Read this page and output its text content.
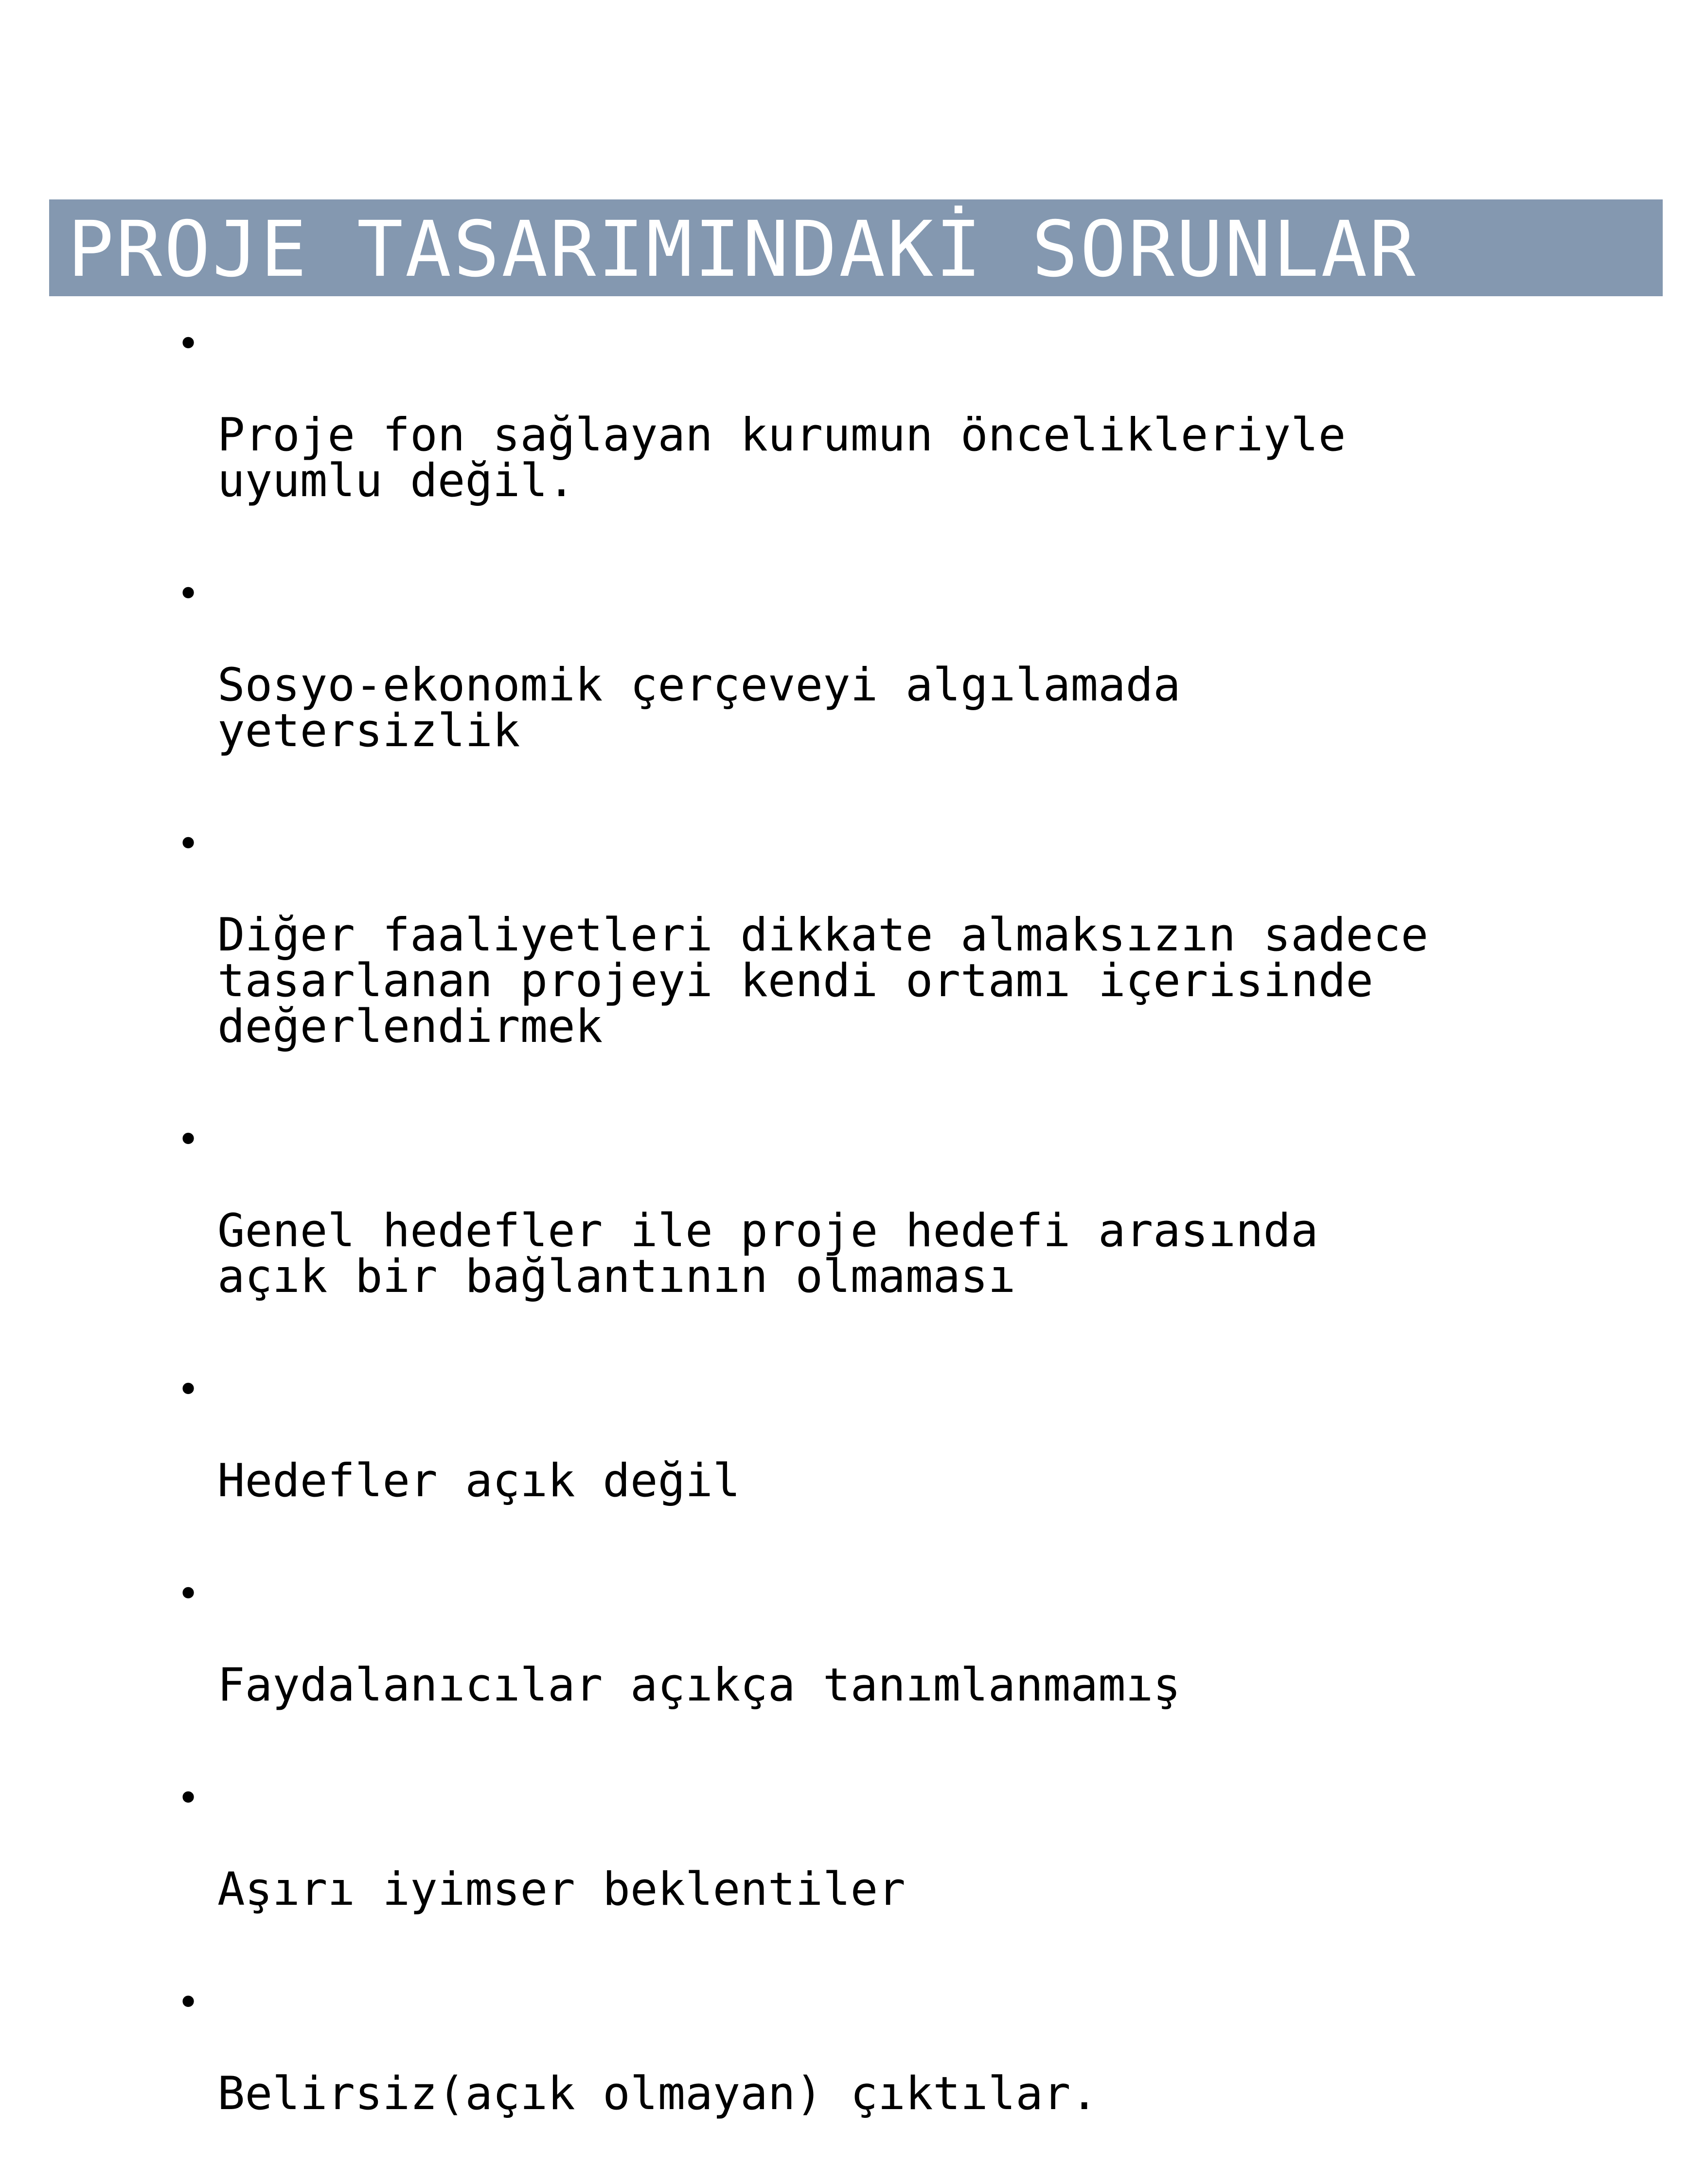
PROJE TASARIMINDAKİ SORUNLAR

•

Proje fon sağlayan kurumun öncelikleriyle
uyumlu değil.

•

Sosyo-ekonomik çerçeveyi algılamada
yetersizlik

•

Diğer faaliyetleri dikkate almaksızın sadece
tasarlanan projeyi kendi ortamı içerisinde
değerlendirmek

•

Genel hedefler ile proje hedefi arasında
açık bir bağlantının olmaması

•

Hedefler açık değil

•

Faydalanıcılar açıkça tanımlanmamış

•

Aşırı iyimser beklentiler

•

Belirsiz(açık olmayan) çıktılar.
